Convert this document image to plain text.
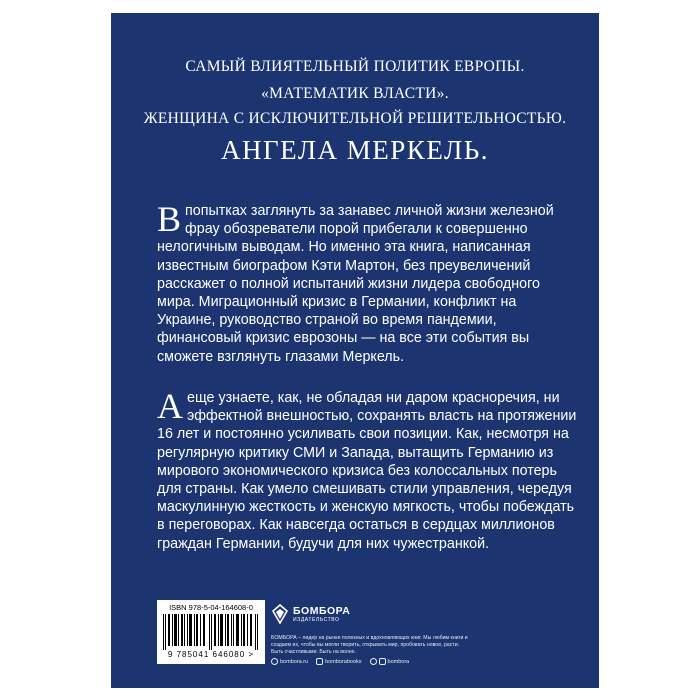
САМЫЙ ВЛИЯТЕЛЬНЫЙ ПОЛИТИК ЕВРОПЫ.
«МАТЕМАТИК ВЛАСТИ».
ЖЕНЩИНА С ИСКЛЮЧИТЕЛЬНОЙ РЕШИТЕЛЬНОСТЬЮ.
АНГЕЛА МЕРКЕЛЬ.
В попытках заглянуть за занавес личной жизни железной фрау обозреватели порой прибегали к совершенно нелогичным выводам. Но именно эта книга, написанная известным биографом Кэти Мартон, без преувеличений расскажет о полной испытаний жизни лидера свободного мира. Миграционный кризис в Германии, конфликт на Украине, руководство страной во время пандемии, финансовый кризис еврозоны — на все эти события вы сможете взглянуть глазами Меркель.
А еще узнаете, как, не обладая ни даром красноречия, ни эффектной внешностью, сохранять власть на протяжении 16 лет и постоянно усиливать свои позиции. Как, несмотря на регулярную критику СМИ и Запада, вытащить Германию из мирового экономического кризиса без колоссальных потерь для страны. Как умело смешивать стили управления, чередуя маскулинную жесткость и женскую мягкость, чтобы побеждать в переговорах. Как навсегда остаться в сердцах миллионов граждан Германии, будучи для них чужестранкой.
ISBN 978-5-04-164608-0
9 785041 646080 >
БОМБОРА
ИЗДАТЕЛЬСТВО
БОМБОРА – лидер на рынке полезных и вдохновляющих книг. Мы любим книги и создаем их, чтобы вы могли творить, открывать мир, пробовать новое, расти. Быть счастливыми. Быть на волне.
bombora.ru	bomborabooks	bombora
